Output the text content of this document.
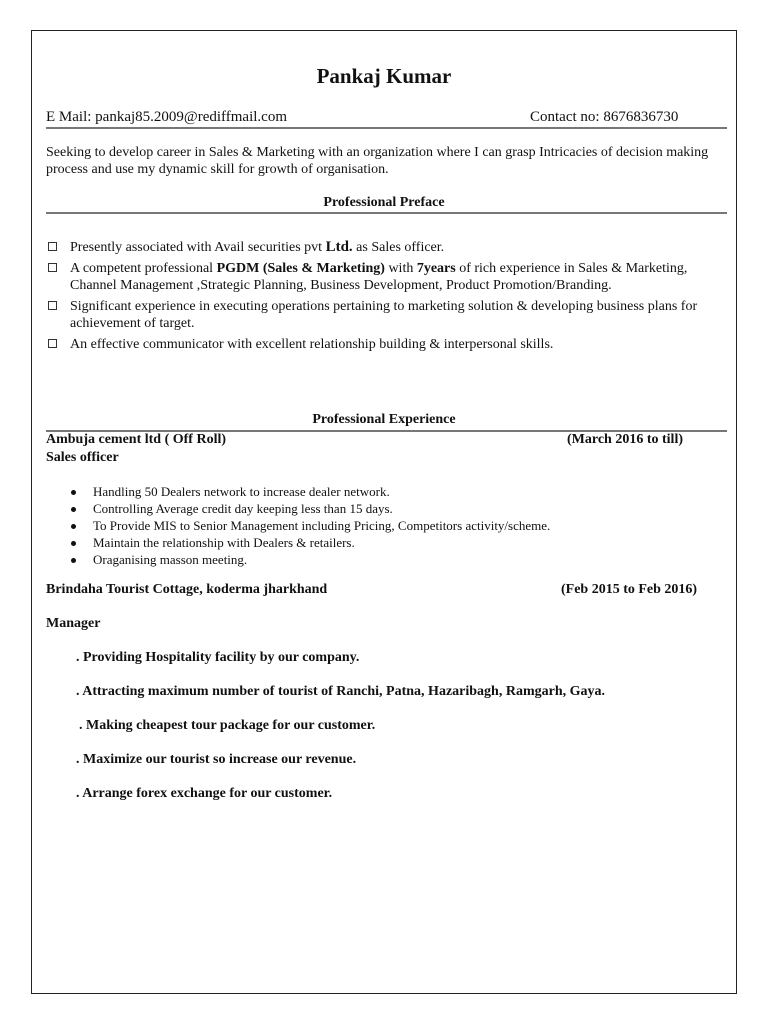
Pankaj Kumar
E Mail: pankaj85.2009@rediffmail.com	Contact no: 8676836730
Seeking to develop career in Sales & Marketing with an organization where I can grasp Intricacies of decision making process and use my dynamic skill for growth of organisation.
Professional Preface
Presently associated with Avail securities pvt Ltd. as Sales officer.
A competent professional PGDM (Sales & Marketing) with 7years of rich experience in Sales & Marketing, Channel Management ,Strategic Planning, Business Development, Product Promotion/Branding.
Significant experience in executing operations pertaining to marketing solution & developing business plans for achievement of target.
An effective communicator with excellent relationship building & interpersonal skills.
Professional Experience
Ambuja cement ltd ( Off Roll)	(March 2016 to till)
Sales officer
Handling 50 Dealers network to increase dealer network.
Controlling Average credit day keeping less than 15 days.
To Provide MIS to Senior Management including Pricing, Competitors activity/scheme.
Maintain the relationship with Dealers & retailers.
Oraganising masson meeting.
Brindaha Tourist Cottage, koderma jharkhand	(Feb 2015 to Feb 2016)
Manager
. Providing Hospitality facility by our company.
. Attracting maximum number of tourist of Ranchi, Patna, Hazaribagh, Ramgarh, Gaya.
. Making cheapest tour package for our customer.
. Maximize our tourist so increase our revenue.
. Arrange forex exchange for our customer.
